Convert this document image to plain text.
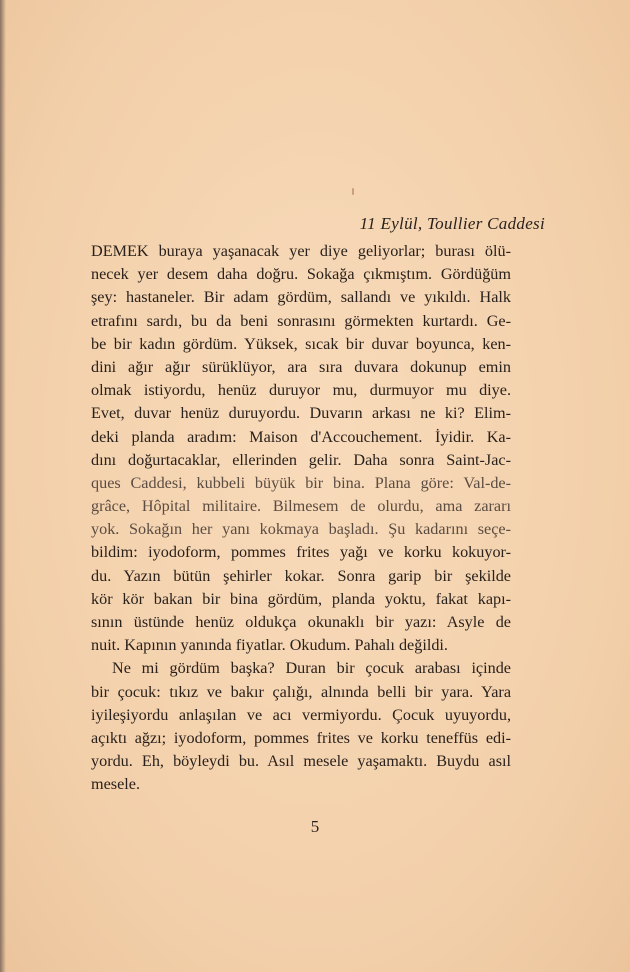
11 Eylül, Toullier Caddesi
DEMEK buraya yaşanacak yer diye geliyorlar; burası ölü-
necek yer desem daha doğru. Sokağa çıkmıştım. Gördüğüm
şey: hastaneler. Bir adam gördüm, sallandı ve yıkıldı. Halk
etrafını sardı, bu da beni sonrasını görmekten kurtardı. Ge-
be bir kadın gördüm. Yüksek, sıcak bir duvar boyunca, ken-
dini ağır ağır sürüklüyor, ara sıra duvara dokunup emin
olmak istiyordu, henüz duruyor mu, durmuyor mu diye.
Evet, duvar henüz duruyordu. Duvarın arkası ne ki? Elim-
deki planda aradım: Maison d'Accouchement. İyidir. Ka-
dını doğurtacaklar, ellerinden gelir. Daha sonra Saint-Jac-
ques Caddesi, kubbeli büyük bir bina. Plana göre: Val-de-
grâce, Hôpital militaire. Bilmesem de olurdu, ama zararı
yok. Sokağın her yanı kokmaya başladı. Şu kadarını seçe-
bildim: iyodoform, pommes frites yağı ve korku kokuyor-
du. Yazın bütün şehirler kokar. Sonra garip bir şekilde
kör kör bakan bir bina gördüm, planda yoktu, fakat kapı-
sının üstünde henüz oldukça okunaklı bir yazı: Asyle de
nuit. Kapının yanında fiyatlar. Okudum. Pahalı değildi.
Ne mi gördüm başka? Duran bir çocuk arabası içinde
bir çocuk: tıkız ve bakır çalığı, alnında belli bir yara. Yara
iyileşiyordu anlaşılan ve acı vermiyordu. Çocuk uyuyordu,
açıktı ağzı; iyodoform, pommes frites ve korku teneffüs edi-
yordu. Eh, böyleydi bu. Asıl mesele yaşamaktı. Buydu asıl
mesele.
5
